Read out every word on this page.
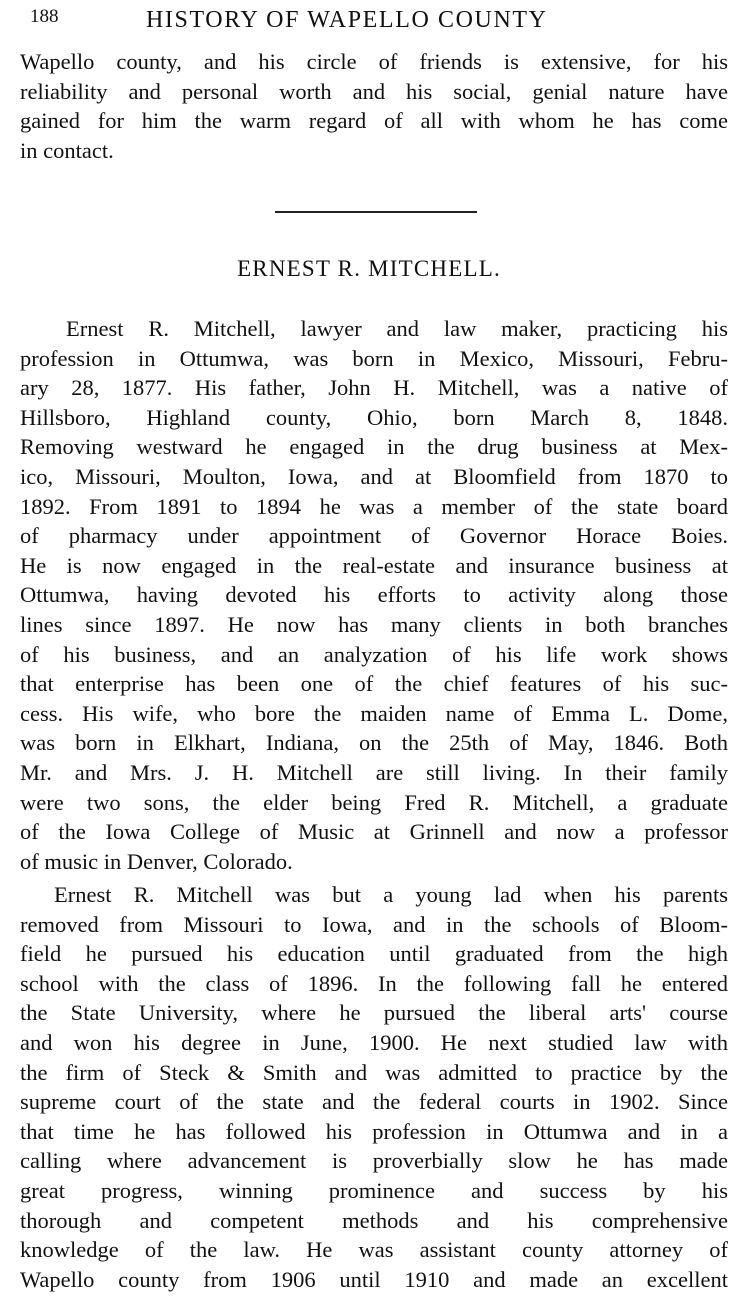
188	HISTORY OF WAPELLO COUNTY
Wapello county, and his circle of friends is extensive, for his
reliability and personal worth and his social, genial nature have
gained for him the warm regard of all with whom he has come
in contact.
ERNEST R. MITCHELL.
Ernest R. Mitchell, lawyer and law maker, practicing his
profession in Ottumwa, was born in Mexico, Missouri, Febru-
ary 28, 1877. His father, John H. Mitchell, was a native of
Hillsboro, Highland county, Ohio, born March 8, 1848.
Removing westward he engaged in the drug business at Mex-
ico, Missouri, Moulton, Iowa, and at Bloomfield from 1870 to
1892. From 1891 to 1894 he was a member of the state board
of pharmacy under appointment of Governor Horace Boies.
He is now engaged in the real-estate and insurance business at
Ottumwa, having devoted his efforts to activity along those
lines since 1897. He now has many clients in both branches
of his business, and an analyzation of his life work shows
that enterprise has been one of the chief features of his suc-
cess. His wife, who bore the maiden name of Emma L. Dome,
was born in Elkhart, Indiana, on the 25th of May, 1846. Both
Mr. and Mrs. J. H. Mitchell are still living. In their family
were two sons, the elder being Fred R. Mitchell, a graduate
of the Iowa College of Music at Grinnell and now a professor
of music in Denver, Colorado.
Ernest R. Mitchell was but a young lad when his parents
removed from Missouri to Iowa, and in the schools of Bloom-
field he pursued his education until graduated from the high
school with the class of 1896. In the following fall he entered
the State University, where he pursued the liberal arts' course
and won his degree in June, 1900. He next studied law with
the firm of Steck & Smith and was admitted to practice by the
supreme court of the state and the federal courts in 1902. Since
that time he has followed his profession in Ottumwa and in a
calling where advancement is proverbially slow he has made
great progress, winning prominence and success by his
thorough and competent methods and his comprehensive
knowledge of the law. He was assistant county attorney of
Wapello county from 1906 until 1910 and made an excellent
